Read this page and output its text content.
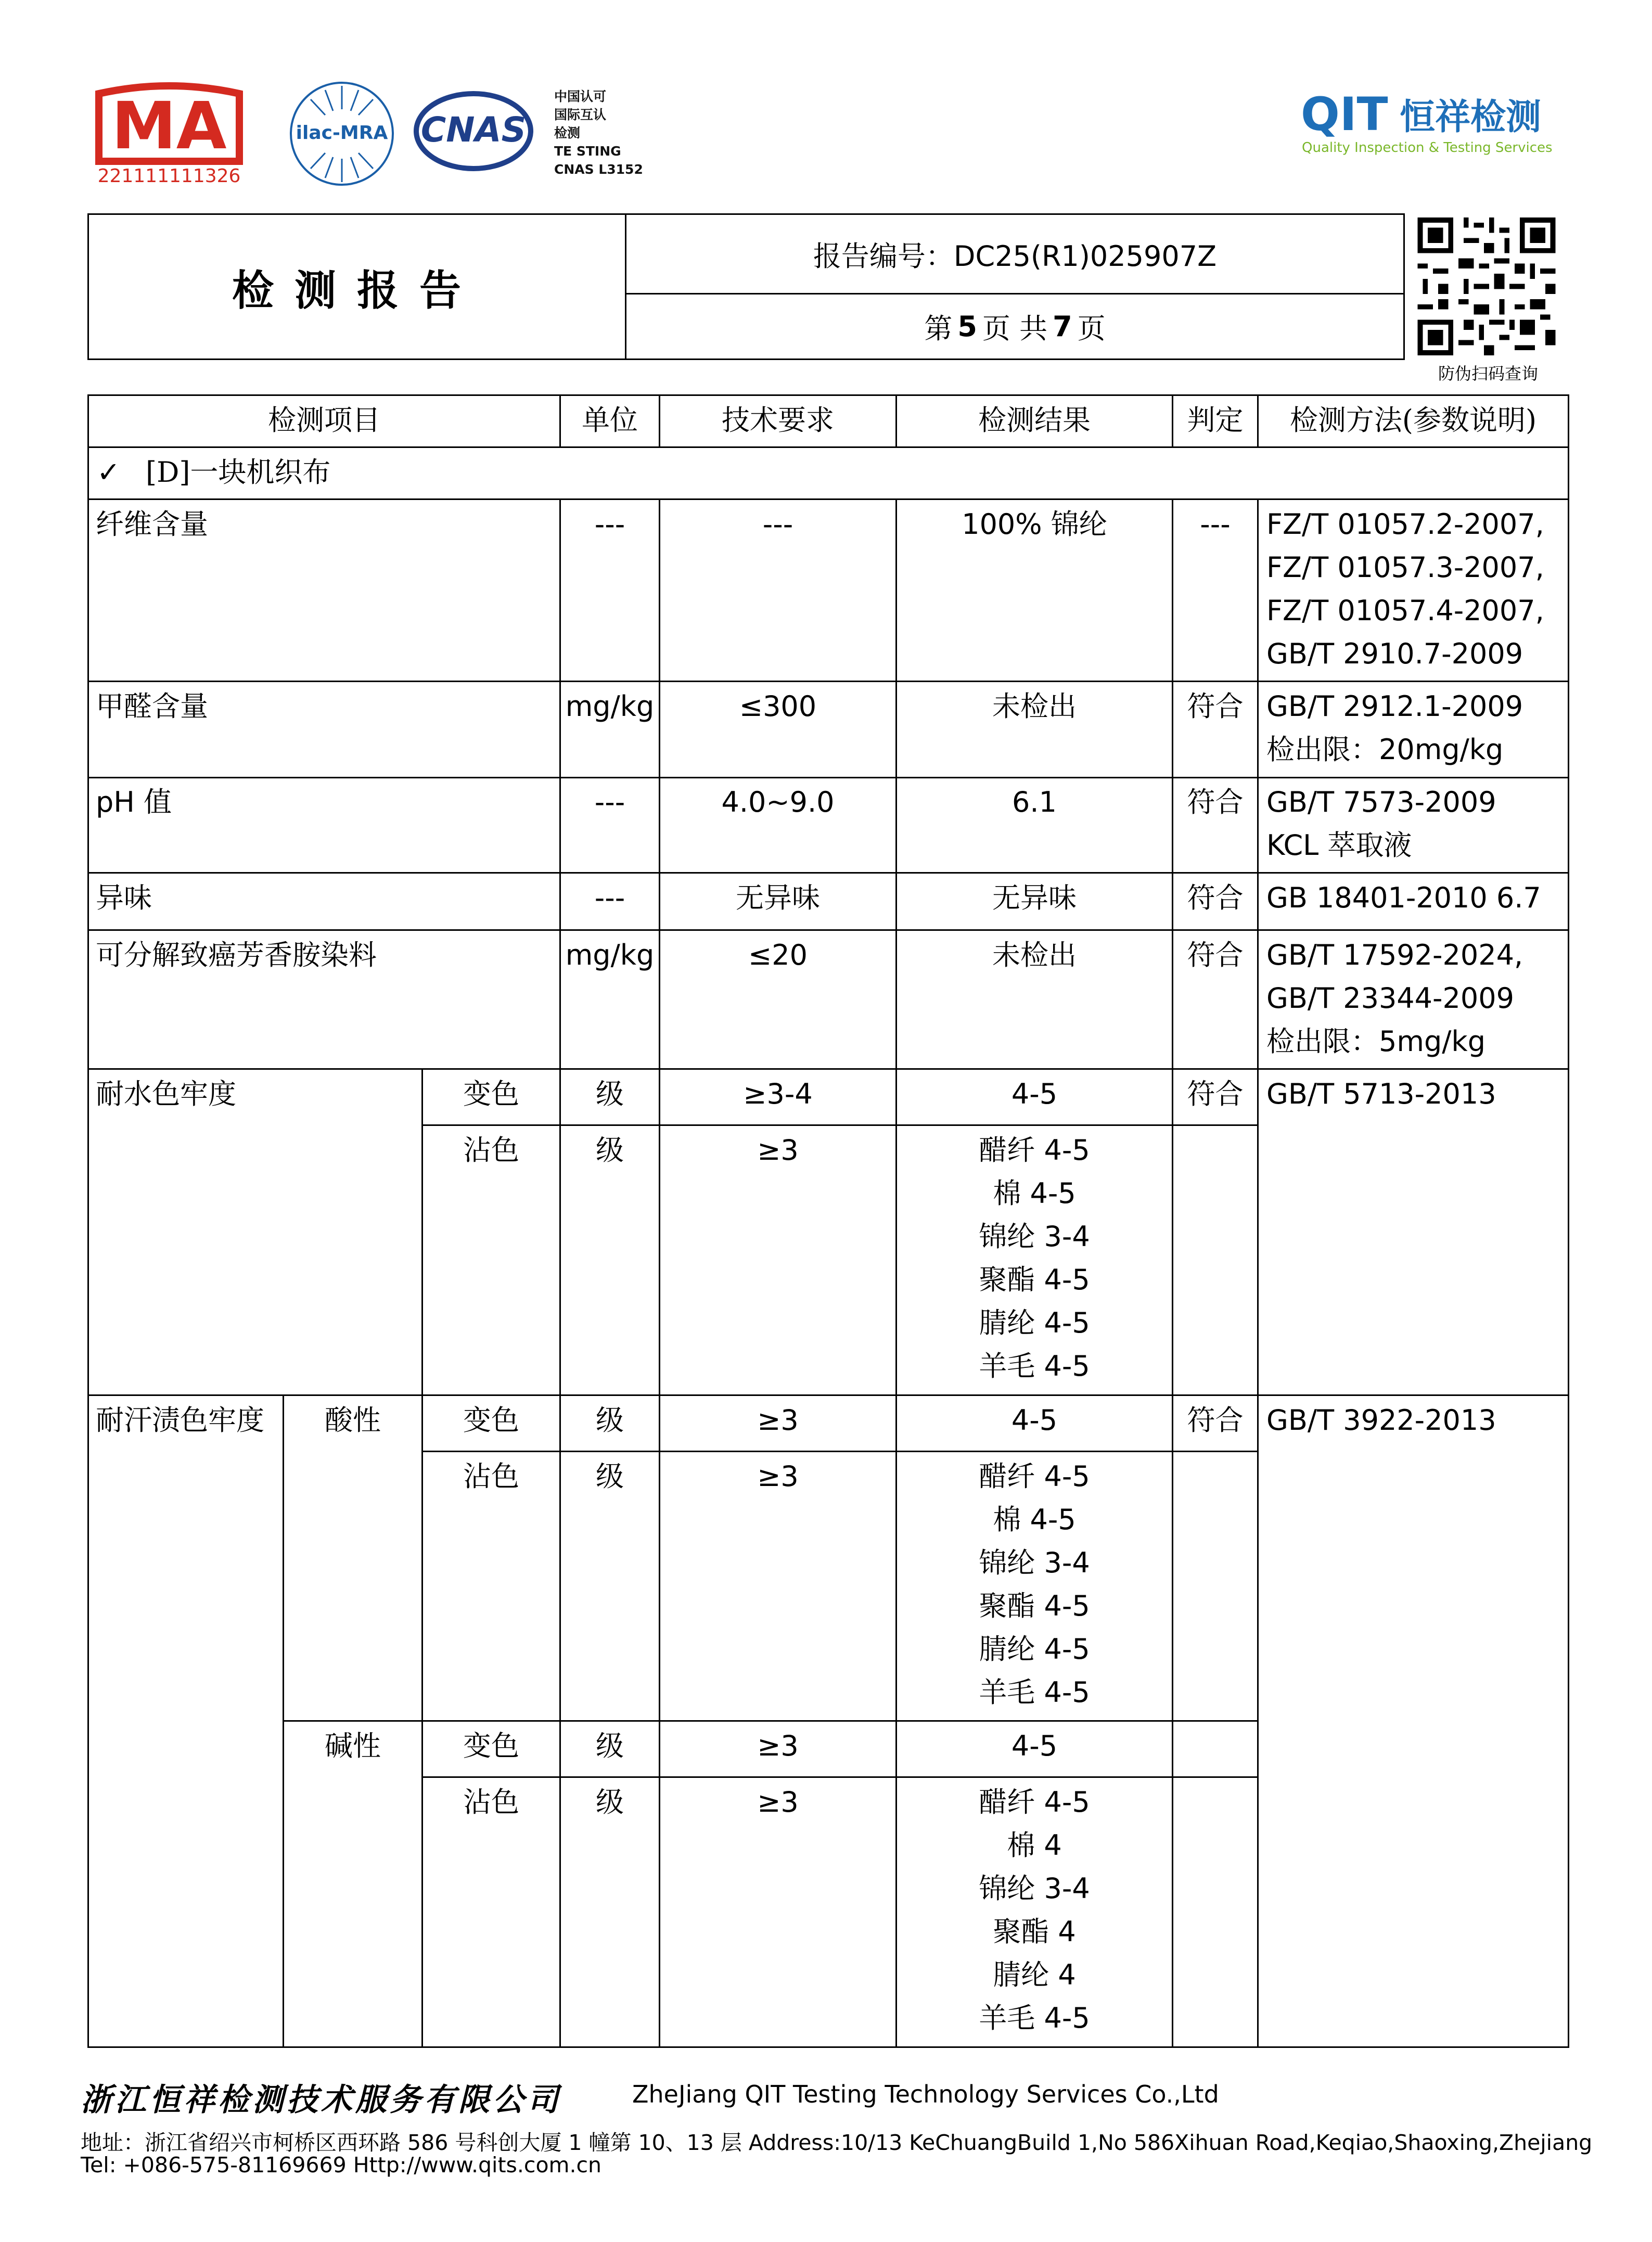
MA
221111111326
ilac-MRA CNAS
中国认可
国际互认
检测
TE STING
CNAS L3152
QIT 恒祥检测
Quality Inspection & Testing Services
检测报告
报告编号：DC25(R1)025907Z
第 5 页 共 7 页
防伪扫码查询
检测项目	单位	技术要求	检测结果	判定	检测方法(参数说明)
✓ [D]一块机织布
纤维含量	---	---	100% 锦纶	---	FZ/T 01057.2-2007,
FZ/T 01057.3-2007,
FZ/T 01057.4-2007,
GB/T 2910.7-2009
甲醛含量	mg/kg	≤300	未检出	符合 GB/T 2912.1-2009
检出限：20mg/kg
pH 值	---	4.0~9.0	6.1	符合 GB/T 7573-2009
KCL 萃取液
异味	---	无异味	无异味	符合 GB 18401-2010 6.7
可分解致癌芳香胺染料	mg/kg	≤20	未检出	符合 GB/T 17592-2024,
GB/T 23344-2009
检出限：5mg/kg
耐水色牢度	变色	级	≥3-4	4-5	符合 GB/T 5713-2013
沾色	级	≥3	醋纤 4-5
棉 4-5
锦纶 3-4
聚酯 4-5
腈纶 4-5
羊毛 4-5
耐汗渍色牢度	酸性	变色	级	≥3	4-5	符合 GB/T 3922-2013
沾色	级	≥3	醋纤 4-5
棉 4-5
锦纶 3-4
聚酯 4-5
腈纶 4-5
羊毛 4-5
碱性	变色	级	≥3	4-5
沾色	级	≥3	醋纤 4-5
棉 4
锦纶 3-4
聚酯 4
腈纶 4
羊毛 4-5
浙江恒祥检测技术服务有限公司	ZheJiang QIT Testing Technology Services Co.,Ltd
地址：浙江省绍兴市柯桥区西环路 586 号科创大厦 1 幢第 10、13 层 Address:10/13 KeChuangBuild 1,No 586Xihuan Road,Keqiao,Shaoxing,Zhejiang
Tel: +086-575-81169669 Http://www.qits.com.cn
